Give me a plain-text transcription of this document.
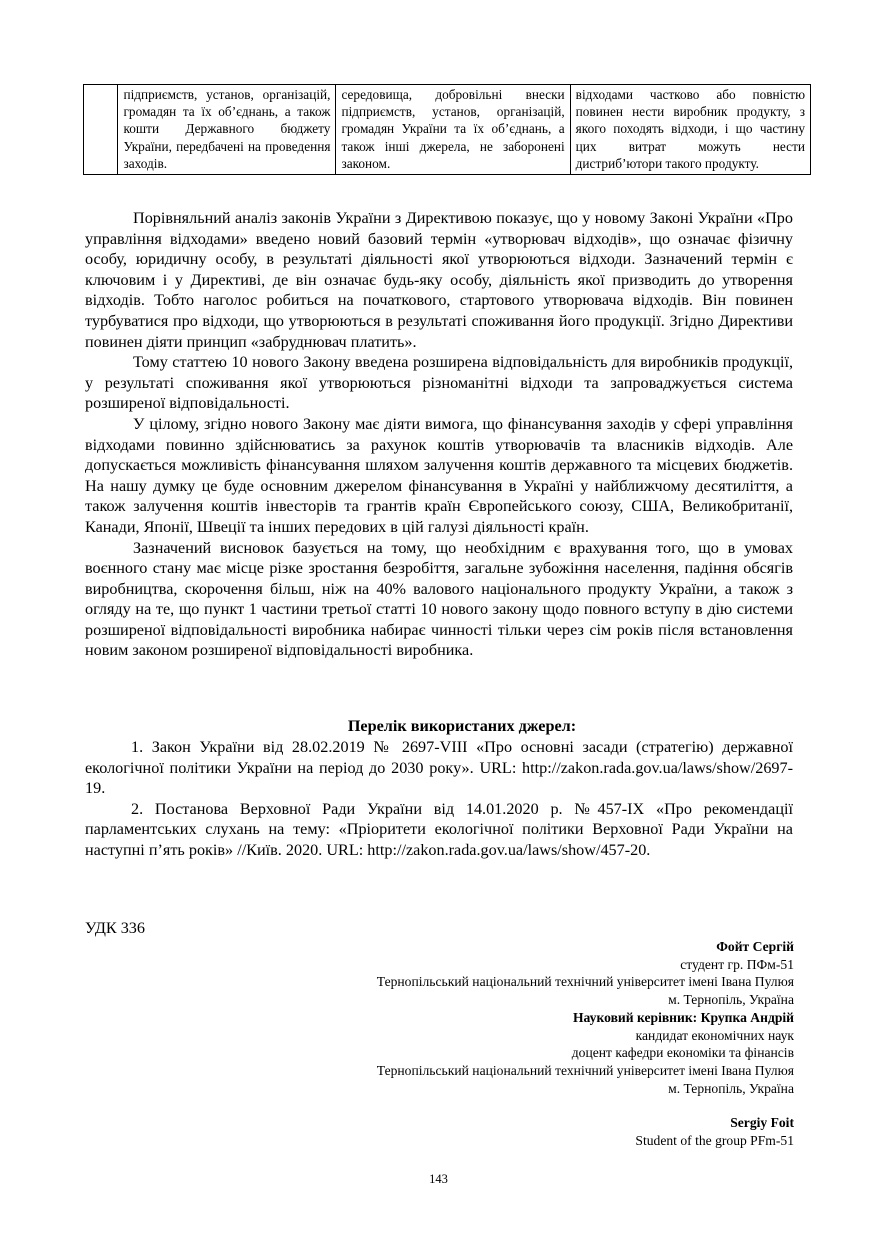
	підприємств, установ, організацій, громадян та їх об’єднань, а також кошти Державного бюджету України, передбачені на проведення заходів.	середовища, добровільні внески підприємств, установ, організацій, громадян України та їх об’єднань, а також інші джерела, не заборонені законом.	відходами частково або повністю повинен нести виробник продукту, з якого походять відходи, і що частину цих витрат можуть нести дистриб’ютори такого продукту.

Порівняльний аналіз законів України з Директивою показує, що у новому Законі України «Про управління відходами» введено новий базовий термін «утворювач відходів», що означає фізичну особу, юридичну особу, в результаті діяльності якої утворюються відходи. Зазначений термін є ключовим і у Директиві, де він означає будь-яку особу, діяльність якої призводить до утворення відходів. Тобто наголос робиться на початкового, стартового утворювача відходів. Він повинен турбуватися про відходи, що утворюються в результаті споживання його продукції. Згідно Директиви повинен діяти принцип «забруднювач платить».

Тому статтею 10 нового Закону введена розширена відповідальність для виробників продукції, у результаті споживання якої утворюються різноманітні відходи та запроваджується система розширеної відповідальності.

У цілому, згідно нового Закону має діяти вимога, що фінансування заходів у сфері управління відходами повинно здійснюватись за рахунок коштів утворювачів та власників відходів. Але допускається можливість фінансування шляхом залучення коштів державного та місцевих бюджетів. На нашу думку це буде основним джерелом фінансування в Україні у найближчому десятиліття, а також залучення коштів інвесторів та грантів країн Європейського союзу, США, Великобританії, Канади, Японії, Швеції та інших передових в цій галузі діяльності країн.

Зазначений висновок базується на тому, що необхідним є врахування того, що в умовах воєнного стану має місце різке зростання безробіття, загальне зубожіння населення, падіння обсягів виробництва, скорочення більш, ніж на 40% валового національного продукту України, а також з огляду на те, що пункт 1 частини третьої статті 10 нового закону щодо повного вступу в дію системи розширеної відповідальності виробника набирає чинності тільки через сім років після встановлення новим законом розширеної відповідальності виробника.

Перелік використаних джерел:

1. Закон України від 28.02.2019 № 2697-VIII «Про основні засади (стратегію) державної екологічної політики України на період до 2030 року». URL: http://zakon.rada.gov.ua/laws/show/2697-19.

2. Постанова Верховної Ради України від 14.01.2020 р. №457-ІХ «Про рекомендації парламентських слухань на тему: «Пріоритети екологічної політики Верховної Ради України на наступні п’ять років» //Київ. 2020. URL: http://zakon.rada.gov.ua/laws/show/457-20.

УДК 336
Фойт Сергій
студент гр. ПФм-51
Тернопільський національний технічний університет імені Івана Пулюя
м. Тернопіль, Україна
Науковий керівник: Крупка Андрій
кандидат економічних наук
доцент кафедри економіки та фінансів
Тернопільський національний технічний університет імені Івана Пулюя
м. Тернопіль, Україна
Sergiy Foit
Student of the group PFm-51
143
